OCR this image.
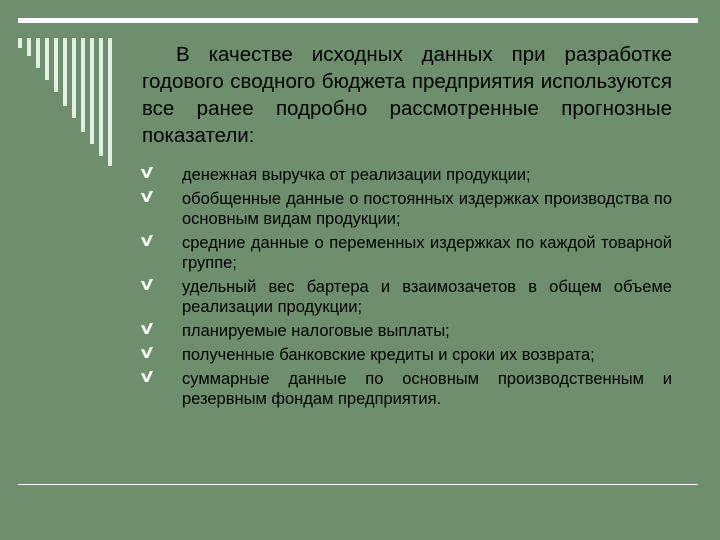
В качестве исходных данных при разработке годового сводного бюджета предприятия используются все ранее подробно рассмотренные прогнозные показатели:

денежная выручка от реализации продукции;
обобщенные данные о постоянных издержках производства по основным видам продукции;
средние данные о переменных издержках по каждой товарной группе;
удельный вес бартера и взаимозачетов в общем объеме реализации продукции;
планируемые налоговые выплаты;
полученные банковские кредиты и сроки их возврата;
суммарные данные по основным производственным и резервным фондам предприятия.
